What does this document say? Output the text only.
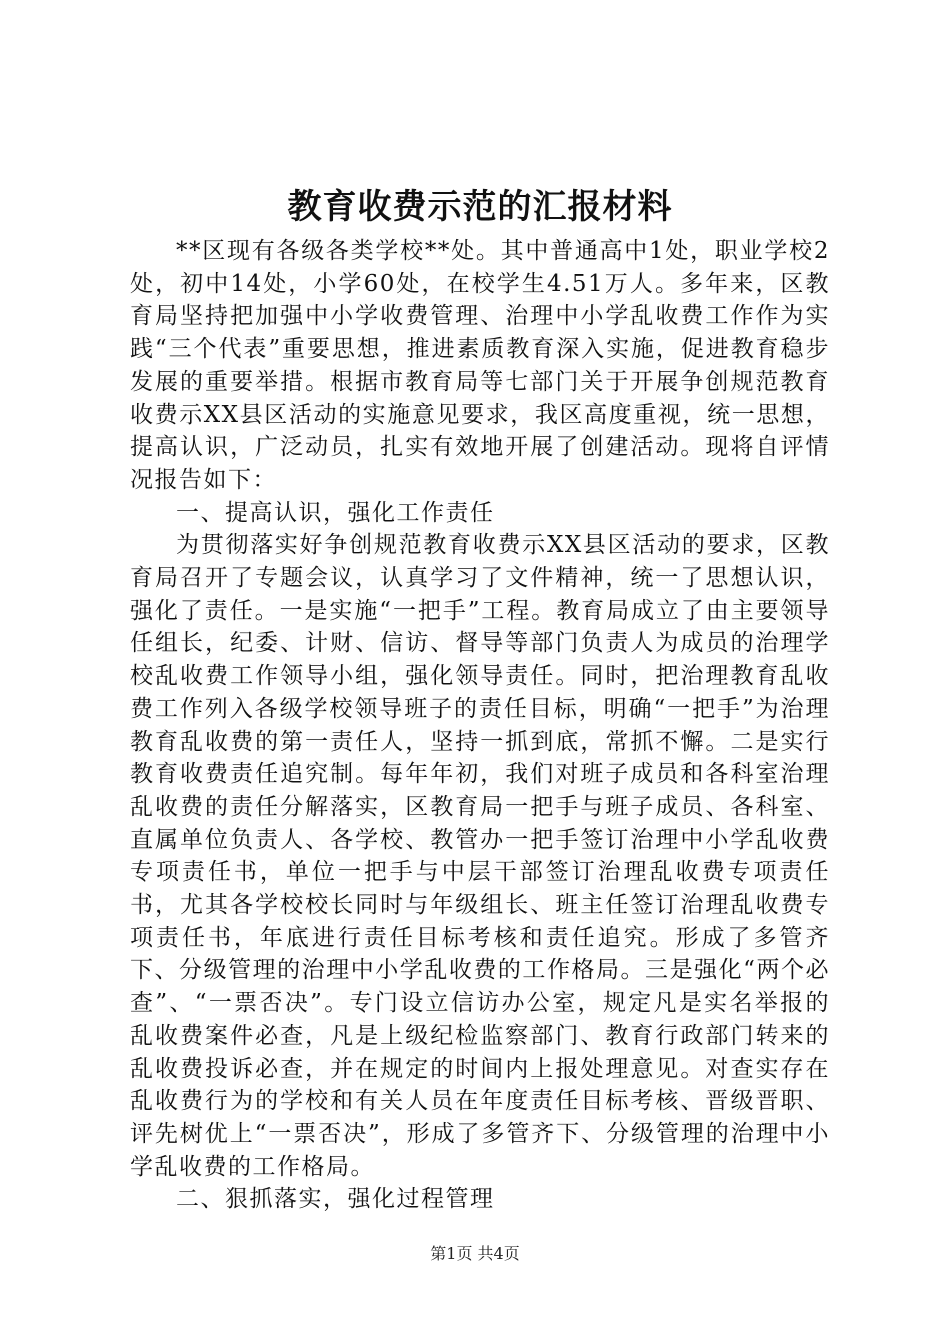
教育收费示范的汇报材料

**区现有各级各类学校**处。其中普通高中1处，职业学校2处，初中14处，小学60处，在校学生4.51万人。多年来，区教育局坚持把加强中小学收费管理、治理中小学乱收费工作作为实践“三个代表”重要思想，推进素质教育深入实施，促进教育稳步发展的重要举措。根据市教育局等七部门关于开展争创规范教育收费示XX县区活动的实施意见要求，我区高度重视，统一思想，提高认识，广泛动员，扎实有效地开展了创建活动。现将自评情况报告如下：

一、提高认识，强化工作责任

为贯彻落实好争创规范教育收费示XX县区活动的要求，区教育局召开了专题会议，认真学习了文件精神，统一了思想认识，强化了责任。一是实施“一把手”工程。教育局成立了由主要领导任组长，纪委、计财、信访、督导等部门负责人为成员的治理学校乱收费工作领导小组，强化领导责任。同时，把治理教育乱收费工作列入各级学校领导班子的责任目标，明确“一把手”为治理教育乱收费的第一责任人，坚持一抓到底，常抓不懈。二是实行教育收费责任追究制。每年年初，我们对班子成员和各科室治理乱收费的责任分解落实，区教育局一把手与班子成员、各科室、直属单位负责人、各学校、教管办一把手签订治理中小学乱收费专项责任书，单位一把手与中层干部签订治理乱收费专项责任书，尤其各学校校长同时与年级组长、班主任签订治理乱收费专项责任书，年底进行责任目标考核和责任追究。形成了多管齐下、分级管理的治理中小学乱收费的工作格局。三是强化“两个必查”、“一票否决”。专门设立信访办公室，规定凡是实名举报的乱收费案件必查，凡是上级纪检监察部门、教育行政部门转来的乱收费投诉必查，并在规定的时间内上报处理意见。对查实存在乱收费行为的学校和有关人员在年度责任目标考核、晋级晋职、评先树优上“一票否决”，形成了多管齐下、分级管理的治理中小学乱收费的工作格局。

二、狠抓落实，强化过程管理

第1页 共4页
